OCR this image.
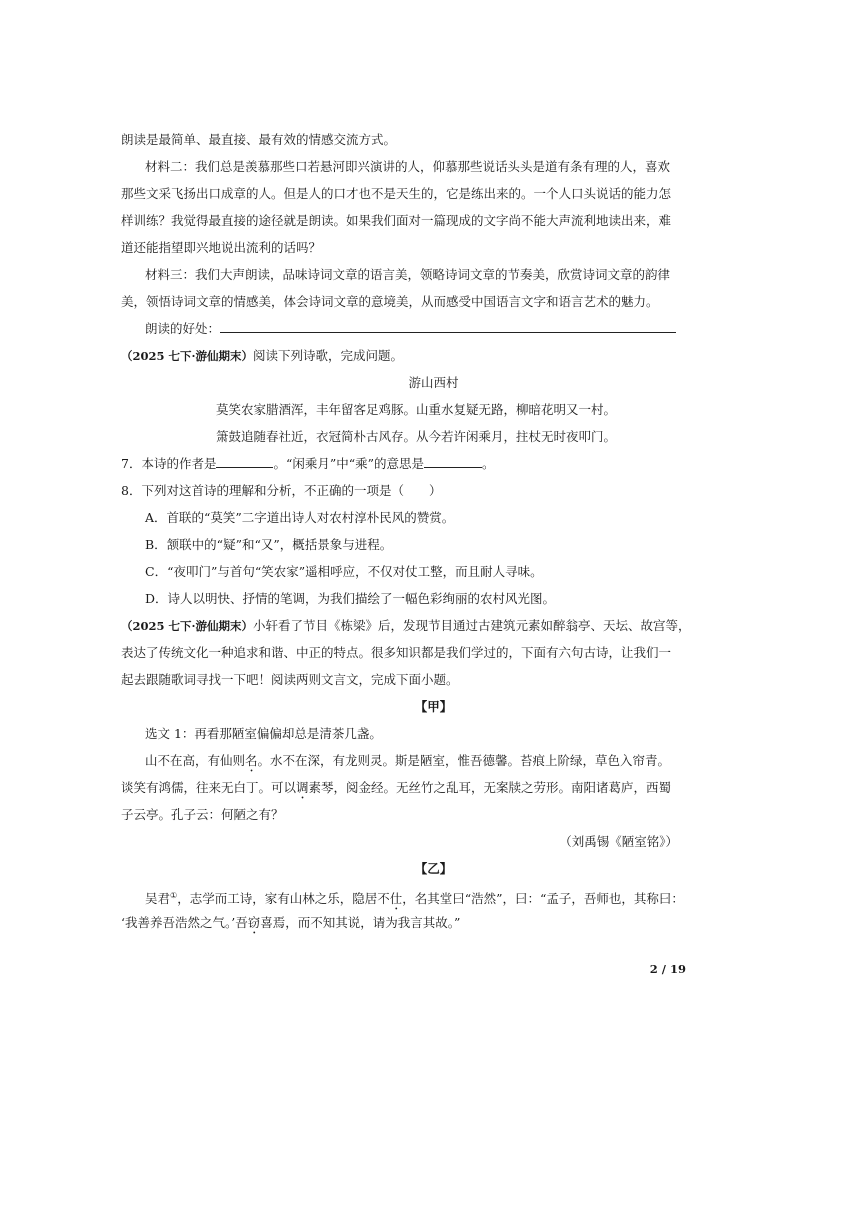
朗读是最简单、最直接、最有效的情感交流方式。
材料二：我们总是羡慕那些口若悬河即兴演讲的人，仰慕那些说话头头是道有条有理的人，喜欢
那些文采飞扬出口成章的人。但是人的口才也不是天生的，它是练出来的。一个人口头说话的能力怎
样训练？我觉得最直接的途径就是朗读。如果我们面对一篇现成的文字尚不能大声流利地读出来，难
道还能指望即兴地说出流利的话吗？
材料三：我们大声朗读，品味诗词文章的语言美，领略诗词文章的节奏美，欣赏诗词文章的韵律
美，领悟诗词文章的情感美，体会诗词文章的意境美，从而感受中国语言文字和语言艺术的魅力。
朗读的好处：
（2025 七下·游仙期末）阅读下列诗歌，完成问题。
游山西村
莫笑农家腊酒浑，丰年留客足鸡豚。山重水复疑无路，柳暗花明又一村。
箫鼓追随春社近，衣冠简朴古风存。从今若许闲乘月，拄杖无时夜叩门。
7．本诗的作者是	。“闲乘月”中“乘”的意思是	。
8．下列对这首诗的理解和分析，不正确的一项是（　　）
A．首联的“莫笑”二字道出诗人对农村淳朴民风的赞赏。
B．颔联中的“疑”和“又”，概括景象与进程。
C．“夜叩门”与首句“笑农家”遥相呼应，不仅对仗工整，而且耐人寻味。
D．诗人以明快、抒情的笔调，为我们描绘了一幅色彩绚丽的农村风光图。
（2025 七下·游仙期末）小轩看了节目《栋梁》后，发现节目通过古建筑元素如醉翁亭、天坛、故宫等，
表达了传统文化一种追求和谐、中正的特点。很多知识都是我们学过的，下面有六句古诗，让我们一
起去跟随歌词寻找一下吧！阅读两则文言文，完成下面小题。
【甲】
选文 1：再看那陋室偏偏却总是清茶几盏。
山不在高，有仙则名。水不在深，有龙则灵。斯是陋室，惟吾德馨。苔痕上阶绿，草色入帘青。
谈笑有鸿儒，往来无白丁。可以调素琴，阅金经。无丝竹之乱耳，无案牍之劳形。南阳诸葛庐，西蜀
子云亭。孔子云：何陋之有？
（刘禹锡《陋室铭》）
【乙】
吴君①，志学而工诗，家有山林之乐，隐居不仕，名其堂曰“浩然”，曰：“孟子，吾师也，其称曰：
‘我善养吾浩然之气。’吾窃喜焉，而不知其说，请为我言其故。”
2 / 19
